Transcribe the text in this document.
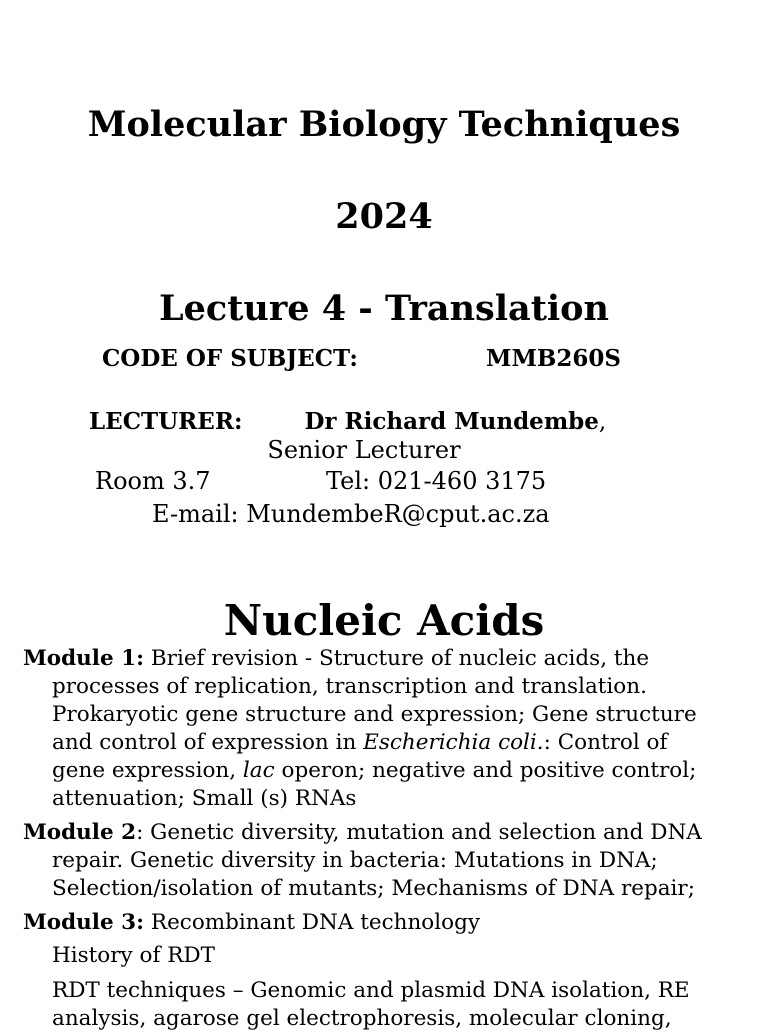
Molecular Biology Techniques
2024
Lecture 4 - Translation
CODE OF SUBJECT:	MMB260S
LECTURER:	Dr Richard Mundembe,
Senior Lecturer
Room 3.7	Tel: 021-460 3175
E-mail: MundembeR@cput.ac.za
Nucleic Acids
Module 1: Brief revision - Structure of nucleic acids, the
processes of replication, transcription and translation.
Prokaryotic gene structure and expression; Gene structure
and control of expression in Escherichia coli.: Control of
gene expression, lac operon; negative and positive control;
attenuation; Small (s) RNAs
Module 2: Genetic diversity, mutation and selection and DNA
repair. Genetic diversity in bacteria: Mutations in DNA;
Selection/isolation of mutants; Mechanisms of DNA repair;
Module 3: Recombinant DNA technology
History of RDT
RDT techniques – Genomic and plasmid DNA isolation, RE
analysis, agarose gel electrophoresis, molecular cloning,
